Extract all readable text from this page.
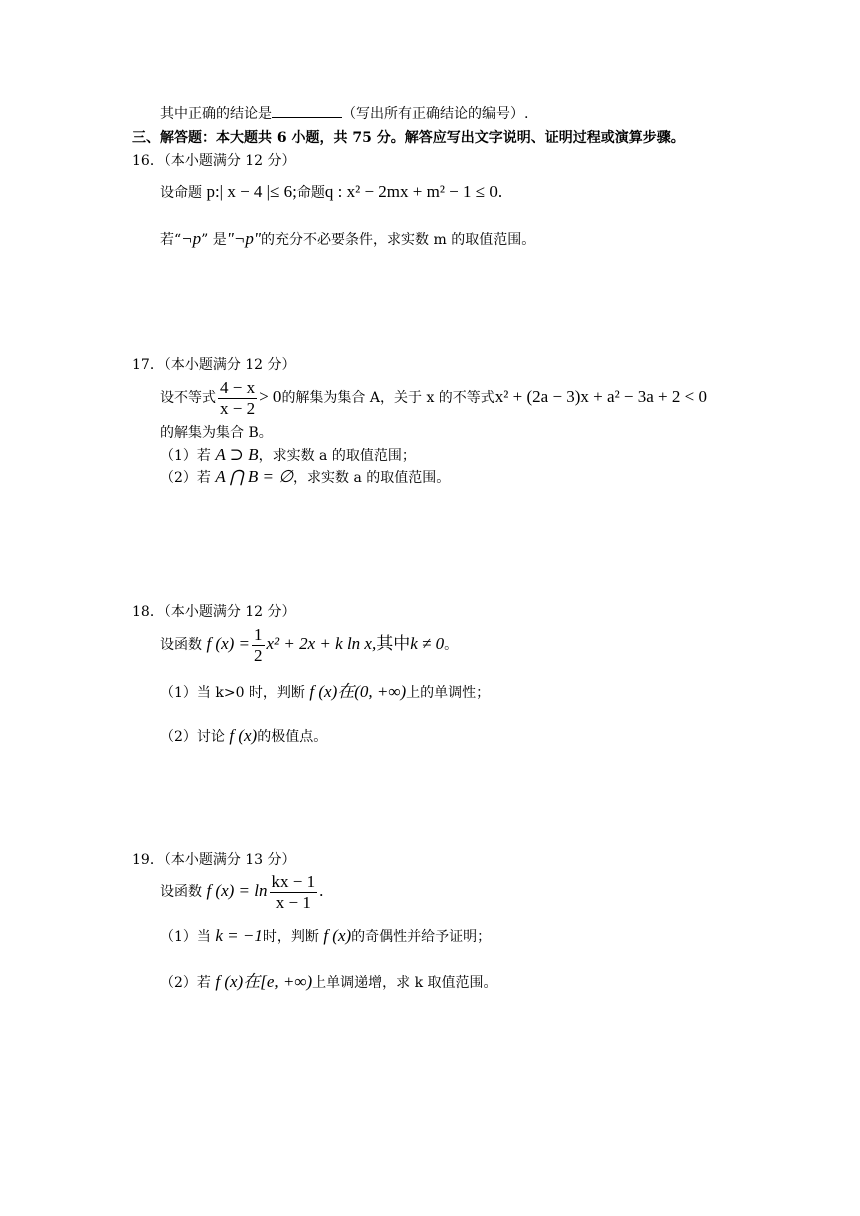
其中正确的结论是	（写出所有正确结论的编号）.
三、解答题：本大题共 6 小题，共 75 分。解答应写出文字说明、证明过程或演算步骤。
16．（本小题满分 12 分）
设命题 p:| x − 4 |≤ 6;命题q : x² − 2mx + m² − 1 ≤ 0.
若“¬p” 是"¬p"的充分不必要条件，求实数 m 的取值范围。
17．（本小题满分 12 分）
设不等式 $\frac{4 - x}{x - 2} > 0$的解集为集合 A，关于 x 的不等式x² + (2a − 3)x + a² − 3a + 2 < 0
的解集为集合 B。
（1）若 A ⊃ B，求实数 a 的取值范围；
（2）若 A ⋂ B = ∅，求实数 a 的取值范围。
18．（本小题满分 12 分）
设函数 f $(x) = \frac{1}{2} x^2 + 2x + k$ ln x,其中k ≠ 0。
（1）当 k>0 时，判断 f (x)在(0, +∞)上的单调性；
（2）讨论 f (x)的极值点。
19．（本小题满分 13 分）
设函数 f $(x) = \ln \frac{kx - 1}{x - 1}$ .
（1）当 k = −1时，判断 f (x)的奇偶性并给予证明；
（2）若 f (x)在[e, +∞)上单调递增，求 k 取值范围。
